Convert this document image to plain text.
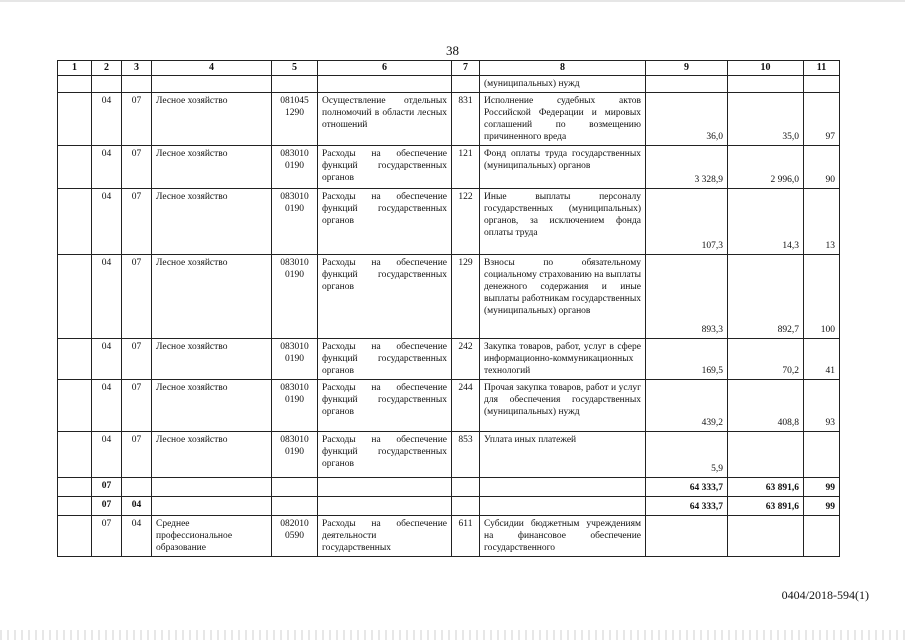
38
1	2	3	4	5	6	7	8	9	10	11
							(муниципальных) нужд			
	04	07	Лесное хозяйство	081045 1290	Осуществление отдельных полномочий в области лесных отношений	831	Исполнение судебных актов Российской Федерации и мировых соглашений по возмещению причиненного вреда	36,0	35,0	97
	04	07	Лесное хозяйство	083010 0190	Расходы на обеспечение функций государственных органов	121	Фонд оплаты труда государственных (муниципальных) органов	3 328,9	2 996,0	90
	04	07	Лесное хозяйство	083010 0190	Расходы на обеспечение функций государственных органов	122	Иные выплаты персоналу государственных (муниципальных) органов, за исключением фонда оплаты труда	107,3	14,3	13
	04	07	Лесное хозяйство	083010 0190	Расходы на обеспечение функций государственных органов	129	Взносы по обязательному социальному страхованию на выплаты денежного содержания и иные выплаты работникам государственных (муниципальных) органов	893,3	892,7	100
	04	07	Лесное хозяйство	083010 0190	Расходы на обеспечение функций государственных органов	242	Закупка товаров, работ, услуг в сфере информационно-коммуникационных технологий	169,5	70,2	41
	04	07	Лесное хозяйство	083010 0190	Расходы на обеспечение функций государственных органов	244	Прочая закупка товаров, работ и услуг для обеспечения государственных (муниципальных) нужд	439,2	408,8	93
	04	07	Лесное хозяйство	083010 0190	Расходы на обеспечение функций государственных органов	853	Уплата иных платежей	5,9		
	07							64 333,7	63 891,6	99
	07	04						64 333,7	63 891,6	99
	07	04	Среднее профессиональное образование	082010 0590	Расходы на обеспечение деятельности государственных	611	Субсидии бюджетным учреждениям на финансовое обеспечение государственного			
0404/2018-594(1)
